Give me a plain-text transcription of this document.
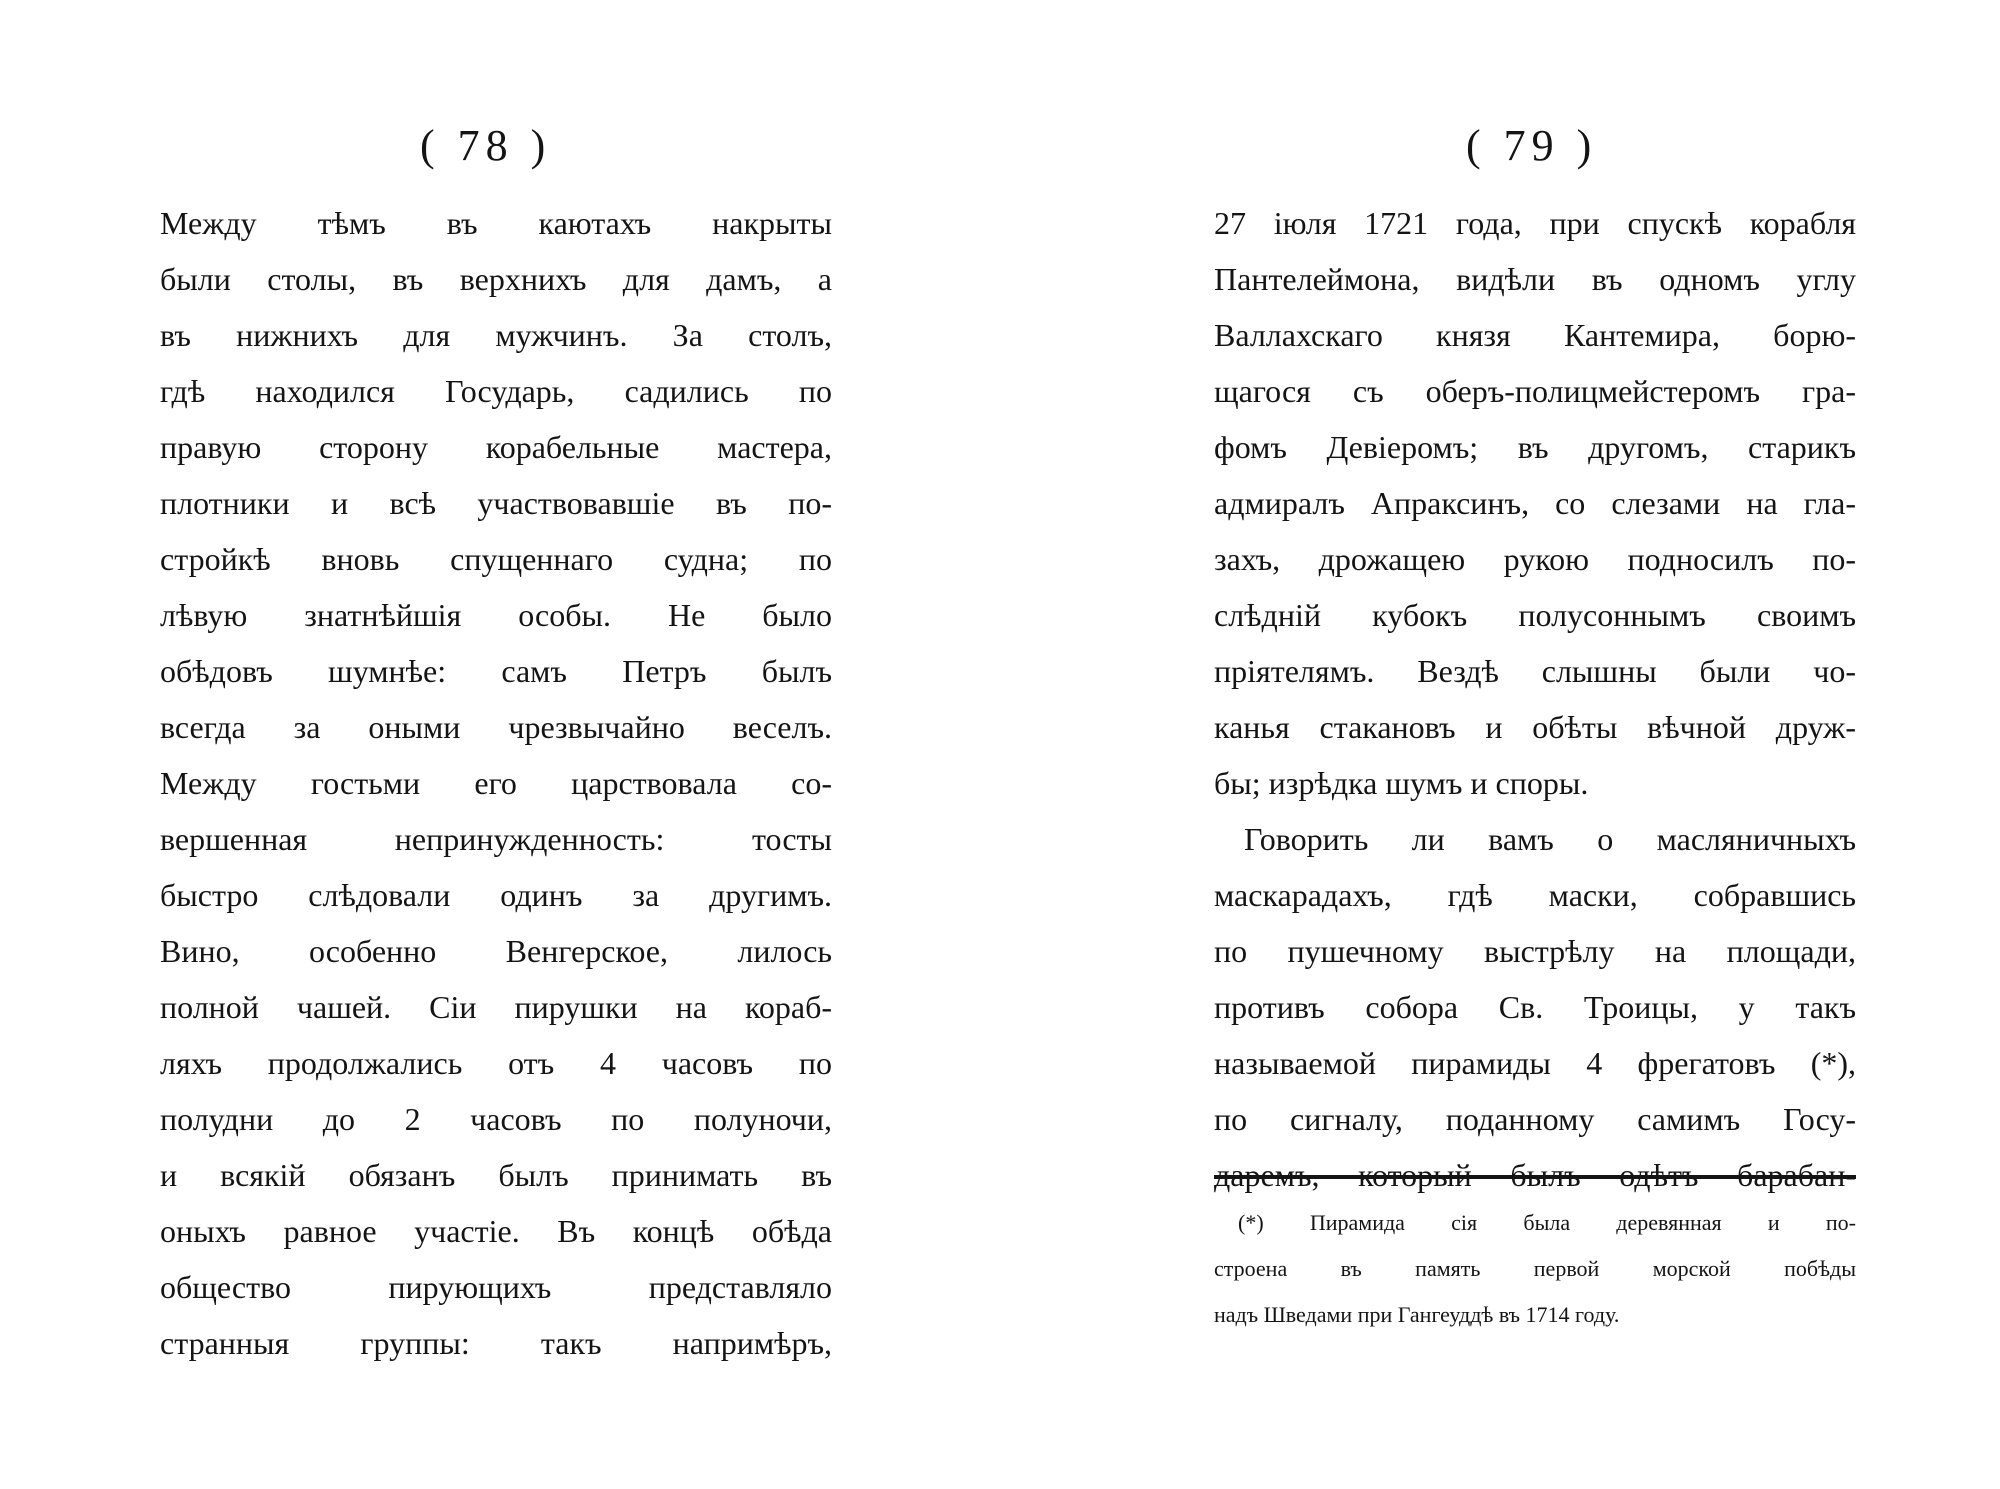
( 78 )
Между тѣмъ въ каютахъ накрыты
были столы, въ верхнихъ для дамъ, а
въ нижнихъ для мужчинъ. За столъ,
гдѣ находился Государь, садились по
правую сторону корабельные мастера,
плотники и всѣ участвовавшіе въ по-
стройкѣ вновь спущеннаго судна; по
лѣвую знатнѣйшія особы. Не было
обѣдовъ шумнѣе: самъ Петръ былъ
всегда за оными чрезвычайно веселъ.
Между гостьми его царствовала со-
вершенная непринужденность: тосты
быстро слѣдовали одинъ за другимъ.
Вино, особенно Венгерское, лилось
полной чашей. Сіи пирушки на кораб-
ляхъ продолжались отъ 4 часовъ по
полудни до 2 часовъ по полуночи,
и всякій обязанъ былъ принимать въ
оныхъ равное участіе. Въ концѣ обѣда
общество пирующихъ представляло
странныя группы: такъ напримѣръ,
( 79 )
27 іюля 1721 года, при спускѣ корабля
Пантелеймона, видѣли въ одномъ углу
Валлахскаго князя Кантемира, борю-
щагося съ оберъ-полицмейстеромъ гра-
фомъ Девіеромъ; въ другомъ, старикъ
адмиралъ Апраксинъ, со слезами на гла-
захъ, дрожащею рукою подносилъ по-
слѣдній кубокъ полусоннымъ своимъ
пріятелямъ. Вездѣ слышны были чо-
канья стакановъ и обѣты вѣчной друж-
бы; изрѣдка шумъ и споры.
Говорить ли вамъ о масляничныхъ
маскарадахъ, гдѣ маски, собравшись
по пушечному выстрѣлу на площади,
противъ собора Св. Троицы, у такъ
называемой пирамиды 4 фрегатовъ (*),
по сигналу, поданному самимъ Госу-
даремъ, который былъ одѣтъ барабан-
(*) Пирамида сія была деревянная и по-
строена въ память первой морской побѣды
надъ Шведами при Гангеуддѣ въ 1714 году.
